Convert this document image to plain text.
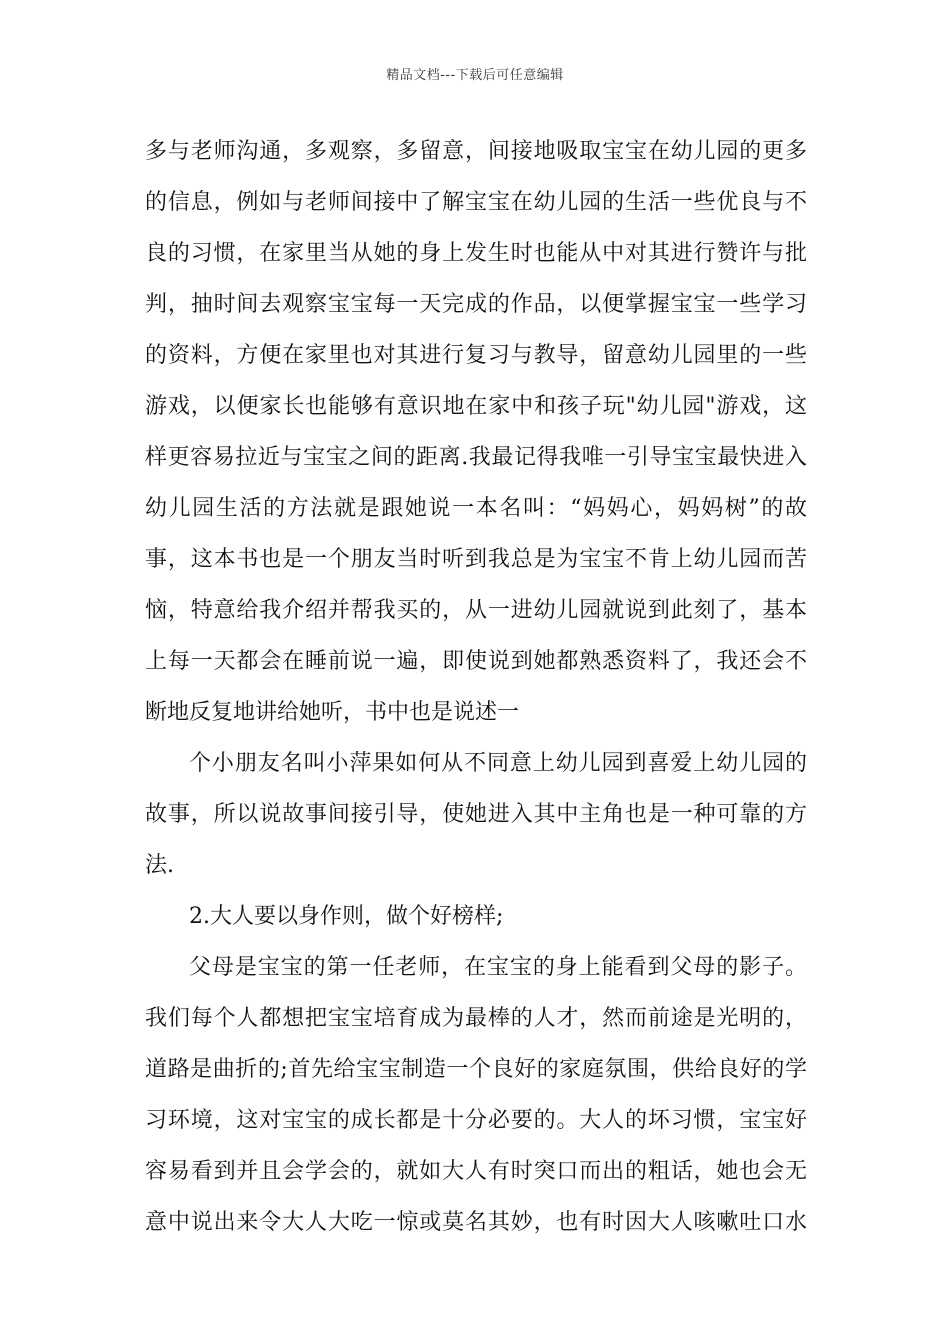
精品文档---下载后可任意编辑
多与老师沟通，多观察，多留意，间接地吸取宝宝在幼儿园的更多
的信息，例如与老师间接中了解宝宝在幼儿园的生活一些优良与不
良的习惯，在家里当从她的身上发生时也能从中对其进行赞许与批
判，抽时间去观察宝宝每一天完成的作品，以便掌握宝宝一些学习
的资料，方便在家里也对其进行复习与教导，留意幼儿园里的一些
游戏，以便家长也能够有意识地在家中和孩子玩"幼儿园"游戏，这
样更容易拉近与宝宝之间的距离.我最记得我唯一引导宝宝最快进入
幼儿园生活的方法就是跟她说一本名叫：“妈妈心，妈妈树”的故
事，这本书也是一个朋友当时听到我总是为宝宝不肯上幼儿园而苦
恼，特意给我介绍并帮我买的，从一进幼儿园就说到此刻了，基本
上每一天都会在睡前说一遍，即使说到她都熟悉资料了，我还会不
断地反复地讲给她听，书中也是说述一
个小朋友名叫小萍果如何从不同意上幼儿园到喜爱上幼儿园的
故事，所以说故事间接引导，使她进入其中主角也是一种可靠的方
法.
2.大人要以身作则，做个好榜样;
父母是宝宝的第一任老师，在宝宝的身上能看到父母的影子。
我们每个人都想把宝宝培育成为最棒的人才，然而前途是光明的，
道路是曲折的;首先给宝宝制造一个良好的家庭氛围，供给良好的学
习环境，这对宝宝的成长都是十分必要的。大人的坏习惯，宝宝好
容易看到并且会学会的，就如大人有时突口而出的粗话，她也会无
意中说出来令大人大吃一惊或莫名其妙，也有时因大人咳嗽吐口水
